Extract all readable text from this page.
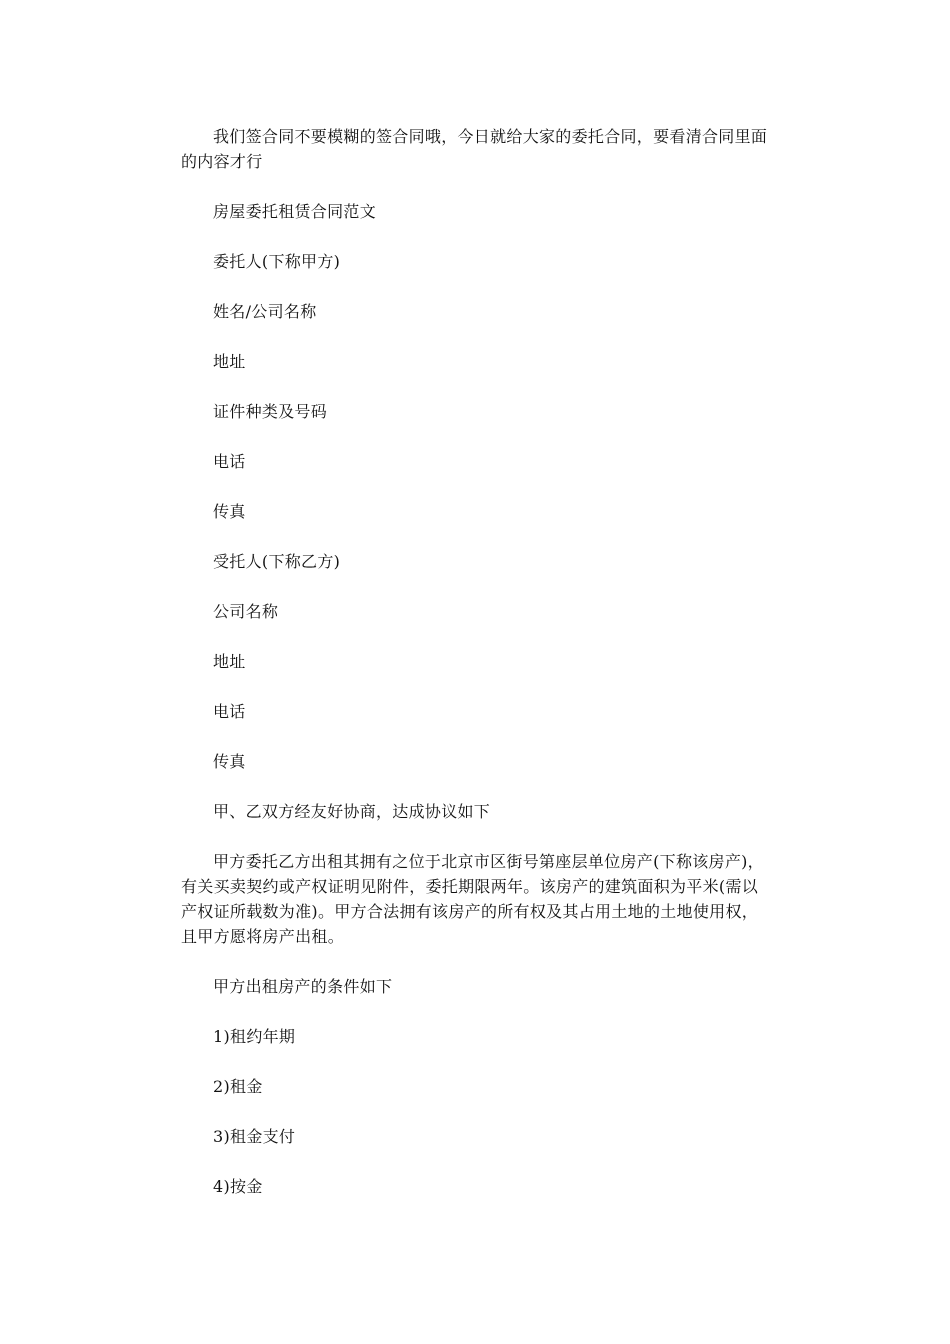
我们签合同不要模糊的签合同哦，今日就给大家的委托合同，要看清合同里面的内容才行

房屋委托租赁合同范文

委托人(下称甲方)

姓名/公司名称

地址

证件种类及号码

电话

传真

受托人(下称乙方)

公司名称

地址

电话

传真

甲、乙双方经友好协商，达成协议如下

甲方委托乙方出租其拥有之位于北京市区街号第座层单位房产(下称该房产)，有关买卖契约或产权证明见附件，委托期限两年。该房产的建筑面积为平米(需以产权证所载数为准)。甲方合法拥有该房产的所有权及其占用土地的土地使用权，且甲方愿将房产出租。

甲方出租房产的条件如下

1)租约年期

2)租金

3)租金支付

4)按金
